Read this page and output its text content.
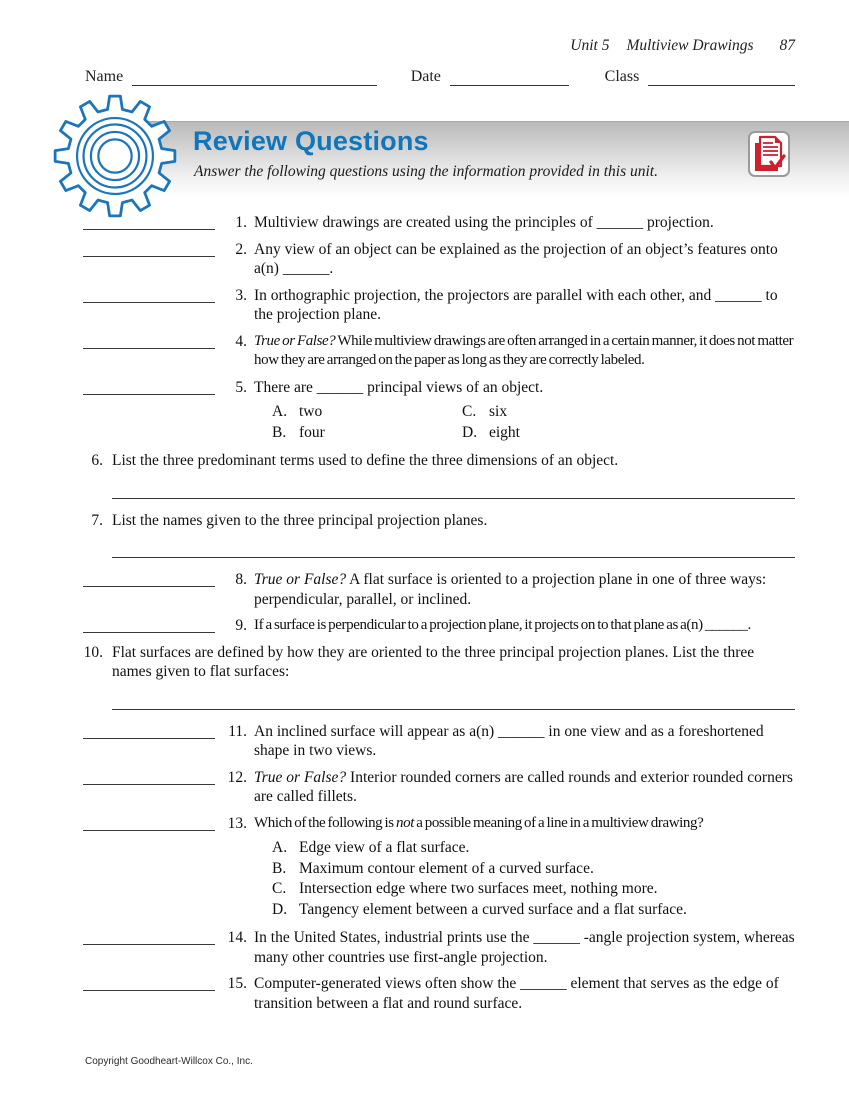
Unit 5 Multiview Drawings 87
Name	Date	Class
Review Questions
Answer the following questions using the information provided in this unit.
1. Multiview drawings are created using the principles of ______ projection.
2. Any view of an object can be explained as the projection of an object’s features onto a(n) ______.
3. In orthographic projection, the projectors are parallel with each other, and ______ to the projection plane.
4. True or False? While multiview drawings are often arranged in a certain manner, it does not matter how they are arranged on the paper as long as they are correctly labeled.
5. There are ______ principal views of an object.
A. two	C. six
B. four	D. eight
6. List the three predominant terms used to define the three dimensions of an object.
7. List the names given to the three principal projection planes.
8. True or False? A flat surface is oriented to a projection plane in one of three ways: perpendicular, parallel, or inclined.
9. If a surface is perpendicular to a projection plane, it projects on to that plane as a(n) ______.
10. Flat surfaces are defined by how they are oriented to the three principal projection planes. List the three names given to flat surfaces:
11. An inclined surface will appear as a(n) ______ in one view and as a foreshortened shape in two views.
12. True or False? Interior rounded corners are called rounds and exterior rounded corners are called fillets.
13. Which of the following is not a possible meaning of a line in a multiview drawing?
A. Edge view of a flat surface.
B. Maximum contour element of a curved surface.
C. Intersection edge where two surfaces meet, nothing more.
D. Tangency element between a curved surface and a flat surface.
14. In the United States, industrial prints use the ______ -angle projection system, whereas many other countries use first-angle projection.
15. Computer-generated views often show the ______ element that serves as the edge of transition between a flat and round surface.
Copyright Goodheart-Willcox Co., Inc.
